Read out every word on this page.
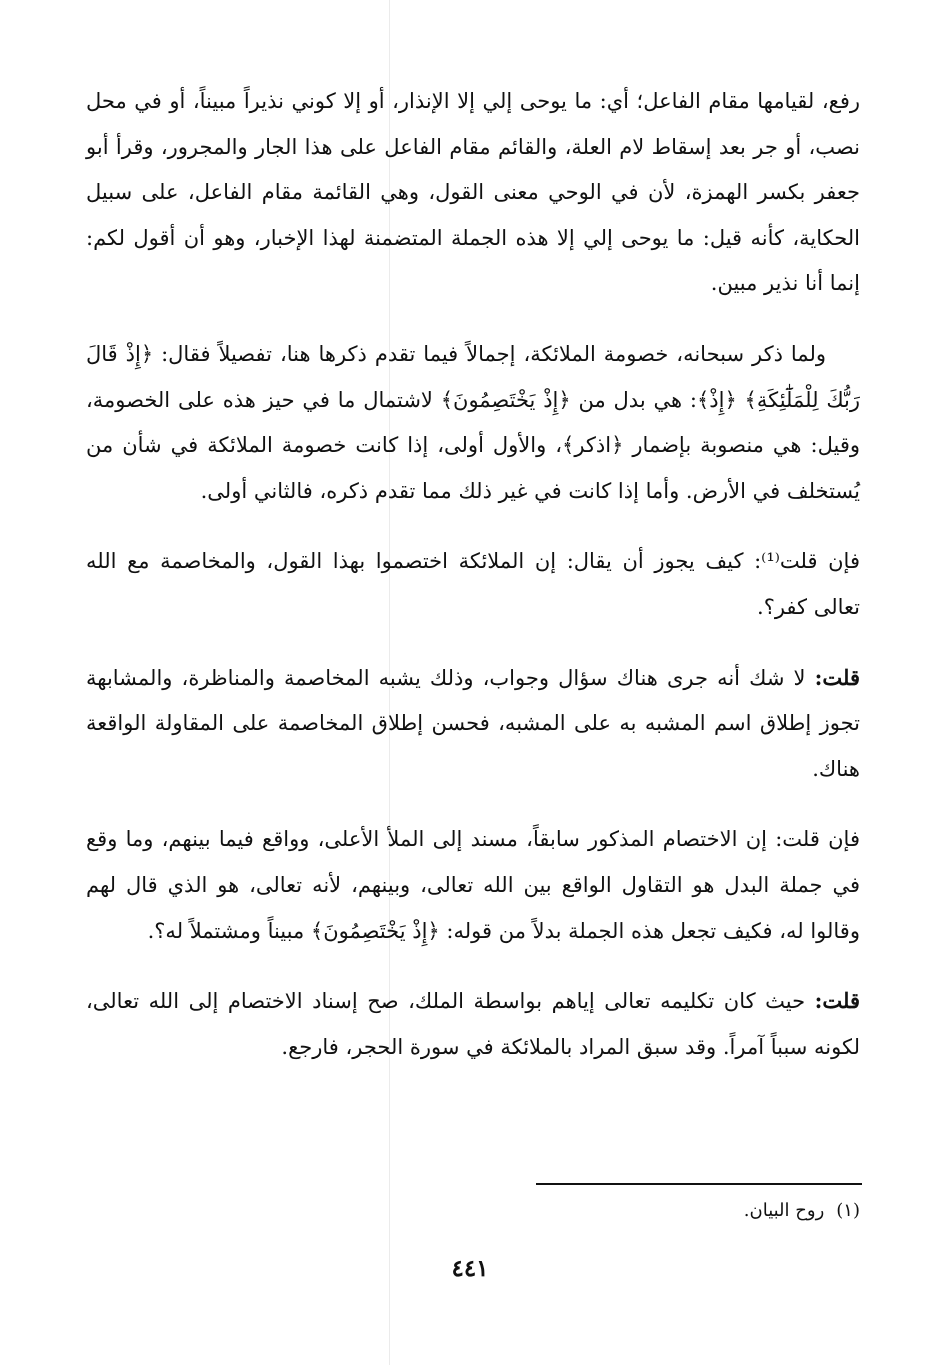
رفع، لقيامها مقام الفاعل؛ أي: ما يوحى إلي إلا الإنذار، أو إلا كوني نذيراً مبيناً، أو في محل نصب، أو جر بعد إسقاط لام العلة، والقائم مقام الفاعل على هذا الجار والمجرور، وقرأ أبو جعفر بكسر الهمزة، لأن في الوحي معنى القول، وهي القائمة مقام الفاعل، على سبيل الحكاية، كأنه قيل: ما يوحى إلي إلا هذه الجملة المتضمنة لهذا الإخبار، وهو أن أقول لكم: إنما أنا نذير مبين.

ولما ذكر سبحانه، خصومة الملائكة، إجمالاً فيما تقدم ذكرها هنا، تفصيلاً فقال: ﴿إِذْ قَالَ رَبُّكَ لِلْمَلَٰٓئِكَةِ﴾ ﴿إِذْ﴾: هي بدل من ﴿إِذْ يَخْتَصِمُونَ﴾ لاشتمال ما في حيز هذه على الخصومة، وقيل: هي منصوبة بإضمار ﴿اذكر﴾، والأول أولى، إذا كانت خصومة الملائكة في شأن من يُستخلف في الأرض. وأما إذا كانت في غير ذلك مما تقدم ذكره، فالثاني أولى.

فإن قلت⁽¹⁾: كيف يجوز أن يقال: إن الملائكة اختصموا بهذا القول، والمخاصمة مع الله تعالى كفر؟.

قلت: لا شك أنه جرى هناك سؤال وجواب، وذلك يشبه المخاصمة والمناظرة، والمشابهة تجوز إطلاق اسم المشبه به على المشبه، فحسن إطلاق المخاصمة على المقاولة الواقعة هناك.

فإن قلت: إن الاختصام المذكور سابقاً، مسند إلى الملأ الأعلى، وواقع فيما بينهم، وما وقع في جملة البدل هو التقاول الواقع بين الله تعالى، وبينهم، لأنه تعالى، هو الذي قال لهم وقالوا له، فكيف تجعل هذه الجملة بدلاً من قوله: ﴿إِذْ يَخْتَصِمُونَ﴾ مبيناً ومشتملاً له؟.

قلت: حيث كان تكليمه تعالى إياهم بواسطة الملك، صح إسناد الاختصام إلى الله تعالى، لكونه سبباً آمراً. وقد سبق المراد بالملائكة في سورة الحجر، فارجع.

(١)روح البيان.
٤٤١
